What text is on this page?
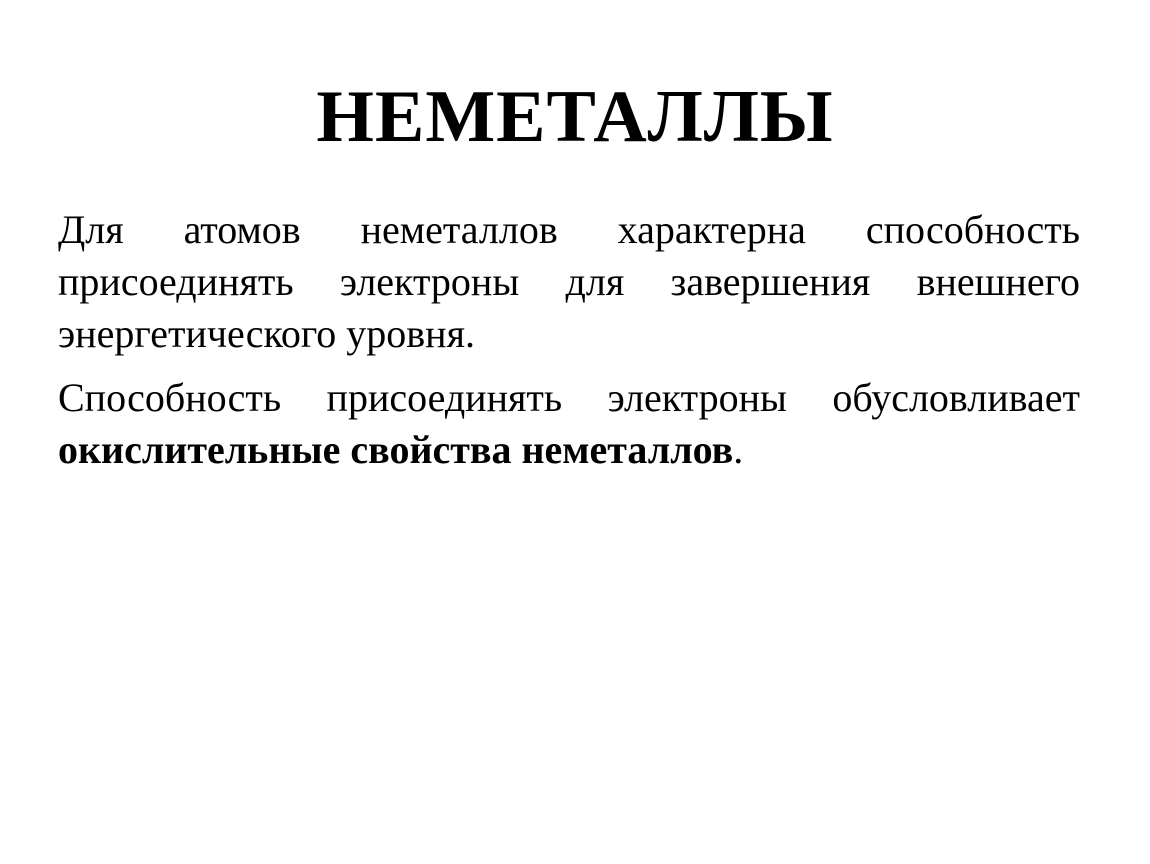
НЕМЕТАЛЛЫ

Для атомов неметаллов характерна способность присоединять электроны для завершения внешнего энергетического уровня.

Способность присоединять электроны обусловливает окислительные свойства неметаллов.
